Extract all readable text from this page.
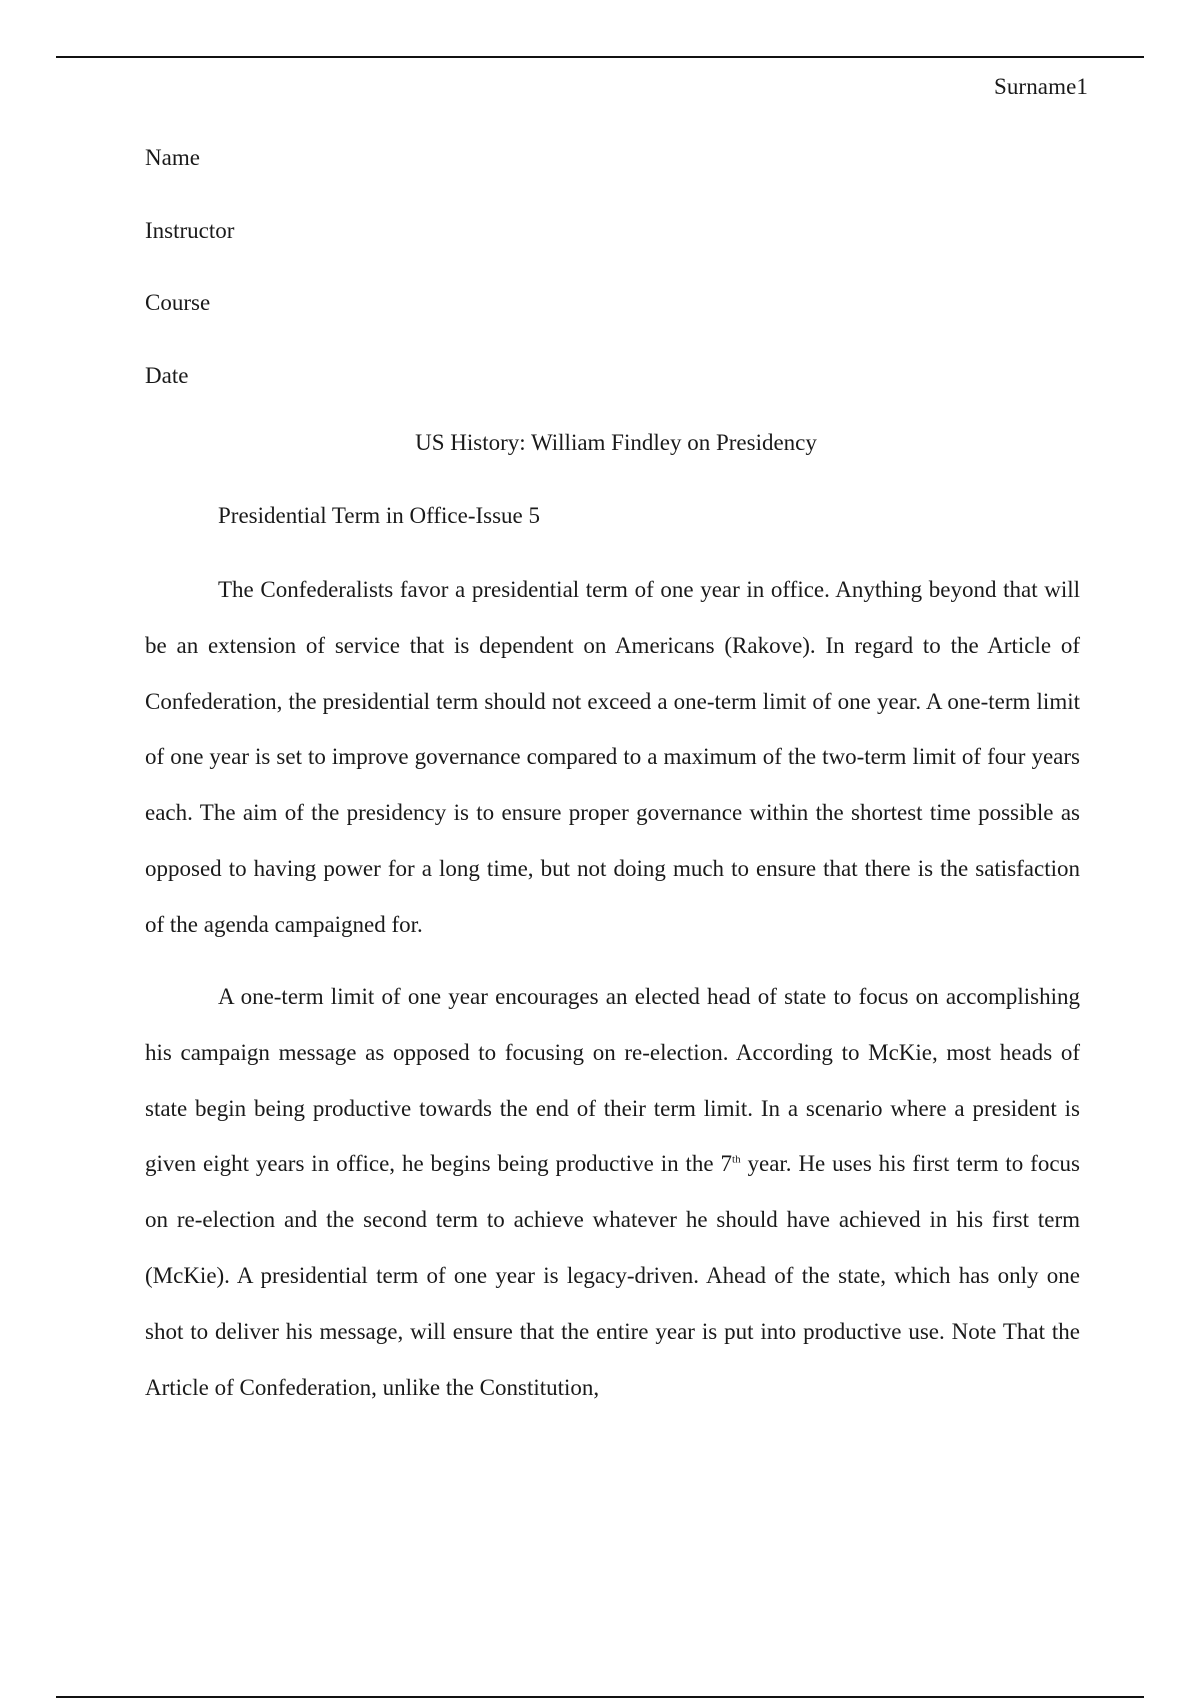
Surname1
Name
Instructor
Course
Date
US History: William Findley on Presidency
Presidential Term in Office-Issue 5

The Confederalists favor a presidential term of one year in office. Anything beyond that will be an extension of service that is dependent on Americans (Rakove). In regard to the Article of Confederation, the presidential term should not exceed a one-term limit of one year. A one-term limit of one year is set to improve governance compared to a maximum of the two-term limit of four years each. The aim of the presidency is to ensure proper governance within the shortest time possible as opposed to having power for a long time, but not doing much to ensure that there is the satisfaction of the agenda campaigned for.

A one-term limit of one year encourages an elected head of state to focus on accomplishing his campaign message as opposed to focusing on re-election. According to McKie, most heads of state begin being productive towards the end of their term limit. In a scenario where a president is given eight years in office, he begins being productive in the 7th year. He uses his first term to focus on re-election and the second term to achieve whatever he should have achieved in his first term (McKie). A presidential term of one year is legacy-driven. Ahead of the state, which has only one shot to deliver his message, will ensure that the entire year is put into productive use. Note That the Article of Confederation, unlike the Constitution,
